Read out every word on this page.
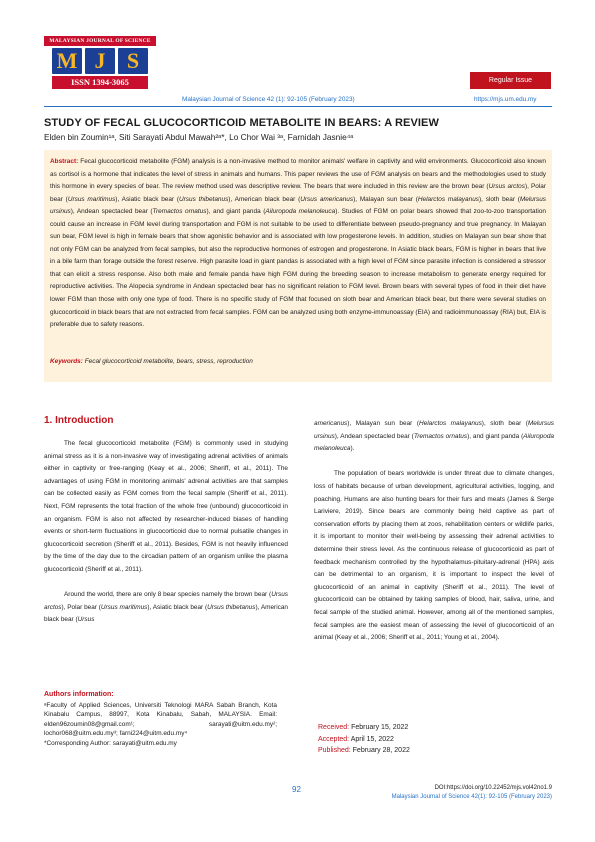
MALAYSIAN JOURNAL OF SCIENCE
M J S
ISSN 1394-3065	Regular Issue
Malaysian Journal of Science 42 (1): 92-105 (February 2023)	https://mjs.um.edu.my
STUDY OF FECAL GLUCOCORTICOID METABOLITE IN BEARS: A REVIEW
Elden bin Zoumin¹ᵃ, Siti Sarayati Abdul Mawah²ᵃ*, Lo Chor Wai ³ᵃ, Farnidah Jasnie⁴ᵃ

Abstract: Fecal glucocorticoid metabolite (FGM) analysis is a non-invasive method to monitor animals' welfare in captivity and wild environments. Glucocorticoid also known as cortisol is a hormone that indicates the level of stress in animals and humans. This paper reviews the use of FGM analysis on bears and the methodologies used to study this hormone in every species of bear. The review method used was descriptive review. The bears that were included in this review are the brown bear (Ursus arctos), Polar bear (Ursus maritimus), Asiatic black bear (Ursus thibetanus), American black bear (Ursus americanus), Malayan sun bear (Helarctos malayanus), sloth bear (Melursus ursinus), Andean spectacled bear (Tremactos ornatus), and giant panda (Ailuropoda melanoleuca). Studies of FGM on polar bears showed that zoo-to-zoo transportation could cause an increase in FGM level during transportation and FGM is not suitable to be used to differentiate between pseudo-pregnancy and true pregnancy. In Malayan sun bear, FGM level is high in female bears that show agonistic behavior and is associated with low progesterone levels. In addition, studies on Malayan sun bear show that not only FGM can be analyzed from fecal samples, but also the reproductive hormones of estrogen and progesterone. In Asiatic black bears, FGM is higher in bears that live in a bile farm than forage outside the forest reserve. High parasite load in giant pandas is associated with a high level of FGM since parasite infection is considered a stressor that can elicit a stress response. Also both male and female panda have high FGM during the breeding season to increase metabolism to generate energy required for reproductive activities. The Alopecia syndrome in Andean spectacled bear has no significant relation to FGM level. Brown bears with several types of food in their diet have lower FGM than those with only one type of food. There is no specific study of FGM that focused on sloth bear and American black bear, but there were several studies on glucocorticoid in black bears that are not extracted from fecal samples. FGM can be analyzed using both enzyme-immunoassay (EIA) and radioimmunoassay (RIA) but, EIA is preferable due to safety reasons.

Keywords: Fecal glucocorticoid metabolite, bears, stress, reproduction
1. Introduction

The fecal glucocorticoid metabolite (FGM) is commonly used in studying animal stress as it is a non-invasive way of investigating adrenal activities of animals either in captivity or free-ranging (Keay et al., 2006; Sheriff, et al., 2011). The advantages of using FGM in monitoring animals' adrenal activities are that samples can be collected easily as FGM comes from the fecal sample (Sheriff et al., 2011). Next, FGM represents the total fraction of the whole free (unbound) glucocorticoid in an organism. FGM is also not affected by researcher-induced biases of handling events or short-term fluctuations in glucocorticoid due to normal pulsatile changes in glucocorticoid secretion (Sheriff et al., 2011). Besides, FGM is not heavily influenced by the time of the day due to the circadian pattern of an organism unlike the plasma glucocorticoid (Sheriff et al., 2011).

Around the world, there are only 8 bear species namely the brown bear (Ursus arctos), Polar bear (Ursus maritimus), Asiatic black bear (Ursus thibetanus), American black bear (Ursus

americanus), Malayan sun bear (Helarctos malayanus), sloth bear (Melursus ursinus), Andean spectacled bear (Tremactos ornatus), and giant panda (Ailuropoda melanoleuca).

The population of bears worldwide is under threat due to climate changes, loss of habitats because of urban development, agricultural activities, logging, and poaching. Humans are also hunting bears for their furs and meats (James & Serge Lariviere, 2019). Since bears are commonly being held captive as part of conservation efforts by placing them at zoos, rehabilitation centers or wildlife parks, it is important to monitor their well-being by assessing their adrenal activities to determine their stress level. As the continuous release of glucocorticoid as part of feedback mechanism controlled by the hypothalamus-pituitary-adrenal (HPA) axis can be detrimental to an organism, it is important to inspect the level of glucocorticoid of an animal in captivity (Sheriff et al., 2011). The level of glucocorticoid can be obtained by taking samples of blood, hair, saliva, urine, and fecal sample of the studied animal. However, among all of the mentioned samples, fecal samples are the easiest mean of assessing the level of glucocorticoid of an animal (Keay et al., 2006; Sheriff et al., 2011; Young et al., 2004).

Authors information:
ᵃFaculty of Applied Sciences, Universiti Teknologi MARA Sabah Branch, Kota Kinabalu Campus, 88997, Kota Kinabalu, Sabah, MALAYSIA. Email: elden96zoumin08@gmail.com¹; sarayati@uitm.edu.my²; lochor068@uitm.edu.my³; farni224@uitm.edu.my⁴
*Corresponding Author: sarayati@uitm.edu.my
Received: February 15, 2022
Accepted: April 15, 2022
Published: February 28, 2022
92	DOI:https://doi.org/10.22452/mjs.vol42no1.9
Malaysian Journal of Science 42(1): 92-105 (February 2023)
